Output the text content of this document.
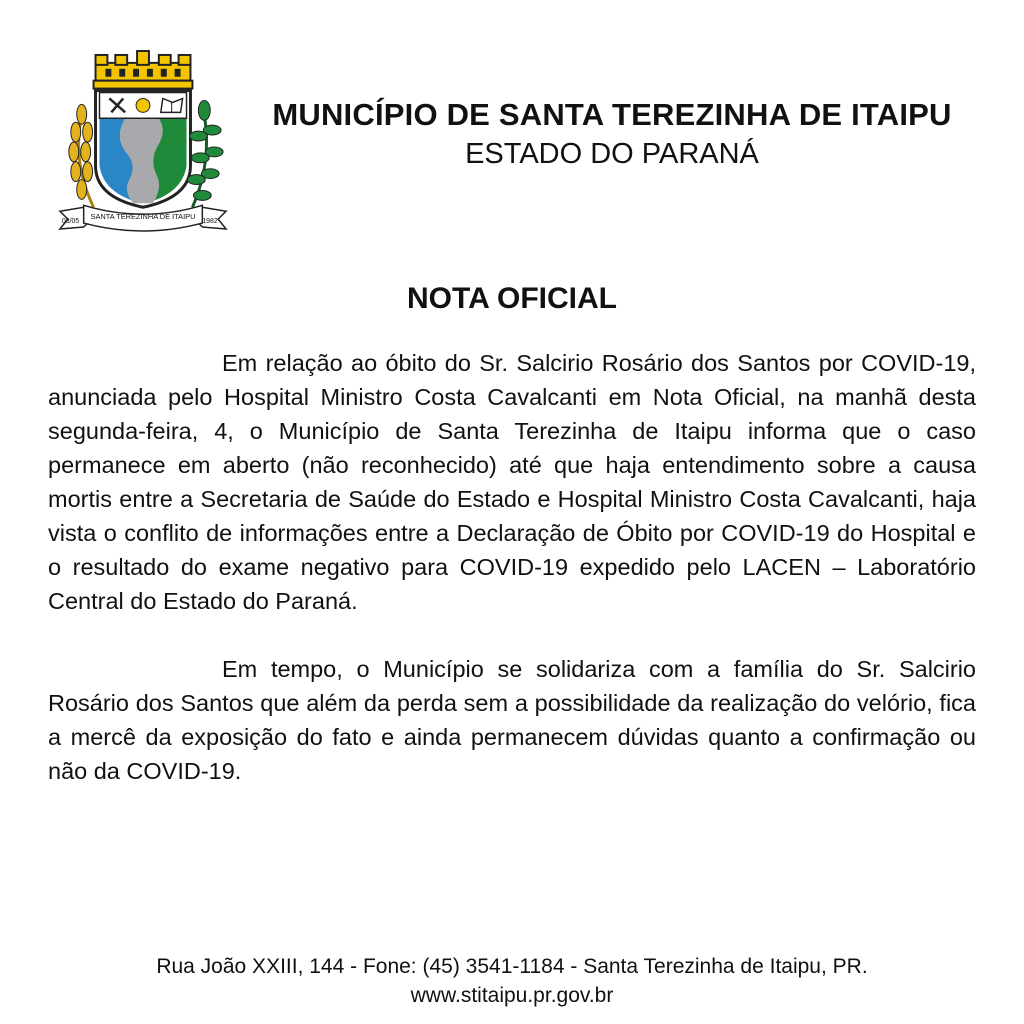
SANTA TEREZINHA DE ITAIPU
03/05	1982
MUNICÍPIO DE SANTA TEREZINHA DE ITAIPU
ESTADO DO PARANÁ
NOTA OFICIAL

Em relação ao óbito do Sr. Salcirio Rosário dos Santos por COVID-19, anunciada pelo Hospital Ministro Costa Cavalcanti em Nota Oficial, na manhã desta segunda-feira, 4, o Município de Santa Terezinha de Itaipu informa que o caso permanece em aberto (não reconhecido) até que haja entendimento sobre a causa mortis entre a Secretaria de Saúde do Estado e Hospital Ministro Costa Cavalcanti, haja vista o conflito de informações entre a Declaração de Óbito por COVID-19 do Hospital e o resultado do exame negativo para COVID-19 expedido pelo LACEN – Laboratório Central do Estado do Paraná.

Em tempo, o Município se solidariza com a família do Sr. Salcirio Rosário dos Santos que além da perda sem a possibilidade da realização do velório, fica a mercê da exposição do fato e ainda permanecem dúvidas quanto a confirmação ou não da COVID-19.

Rua João XXIII, 144 - Fone: (45) 3541-1184 - Santa Terezinha de Itaipu, PR.
www.stitaipu.pr.gov.br
